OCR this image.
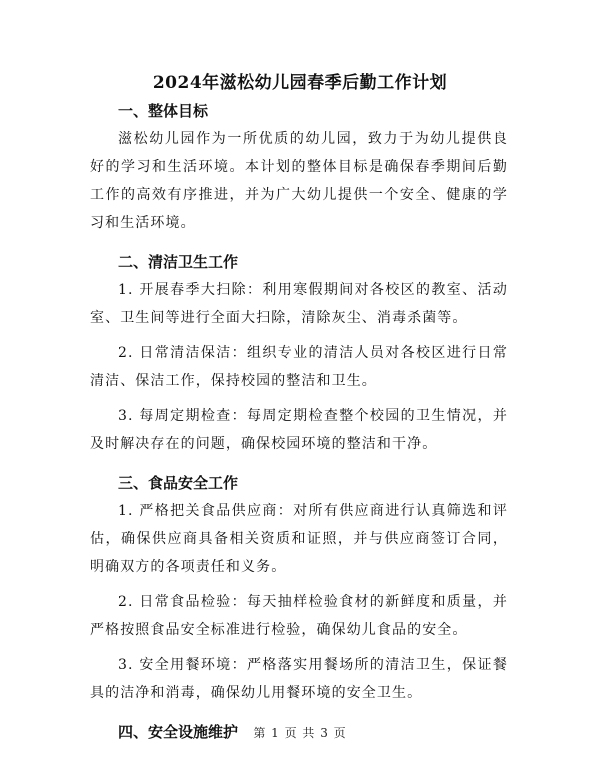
2024年滋松幼儿园春季后勤工作计划
一、整体目标

滋松幼儿园作为一所优质的幼儿园，致力于为幼儿提供良好的学习和生活环境。本计划的整体目标是确保春季期间后勤工作的高效有序推进，并为广大幼儿提供一个安全、健康的学习和生活环境。

二、清洁卫生工作

1. 开展春季大扫除：利用寒假期间对各校区的教室、活动室、卫生间等进行全面大扫除，清除灰尘、消毒杀菌等。

2. 日常清洁保洁：组织专业的清洁人员对各校区进行日常清洁、保洁工作，保持校园的整洁和卫生。

3. 每周定期检查：每周定期检查整个校园的卫生情况，并及时解决存在的问题，确保校园环境的整洁和干净。

三、食品安全工作

1. 严格把关食品供应商：对所有供应商进行认真筛选和评估，确保供应商具备相关资质和证照，并与供应商签订合同，明确双方的各项责任和义务。

2. 日常食品检验：每天抽样检验食材的新鲜度和质量，并严格按照食品安全标准进行检验，确保幼儿食品的安全。

3. 安全用餐环境：严格落实用餐场所的清洁卫生，保证餐具的洁净和消毒，确保幼儿用餐环境的安全卫生。

四、安全设施维护	第 1 页 共 3 页
